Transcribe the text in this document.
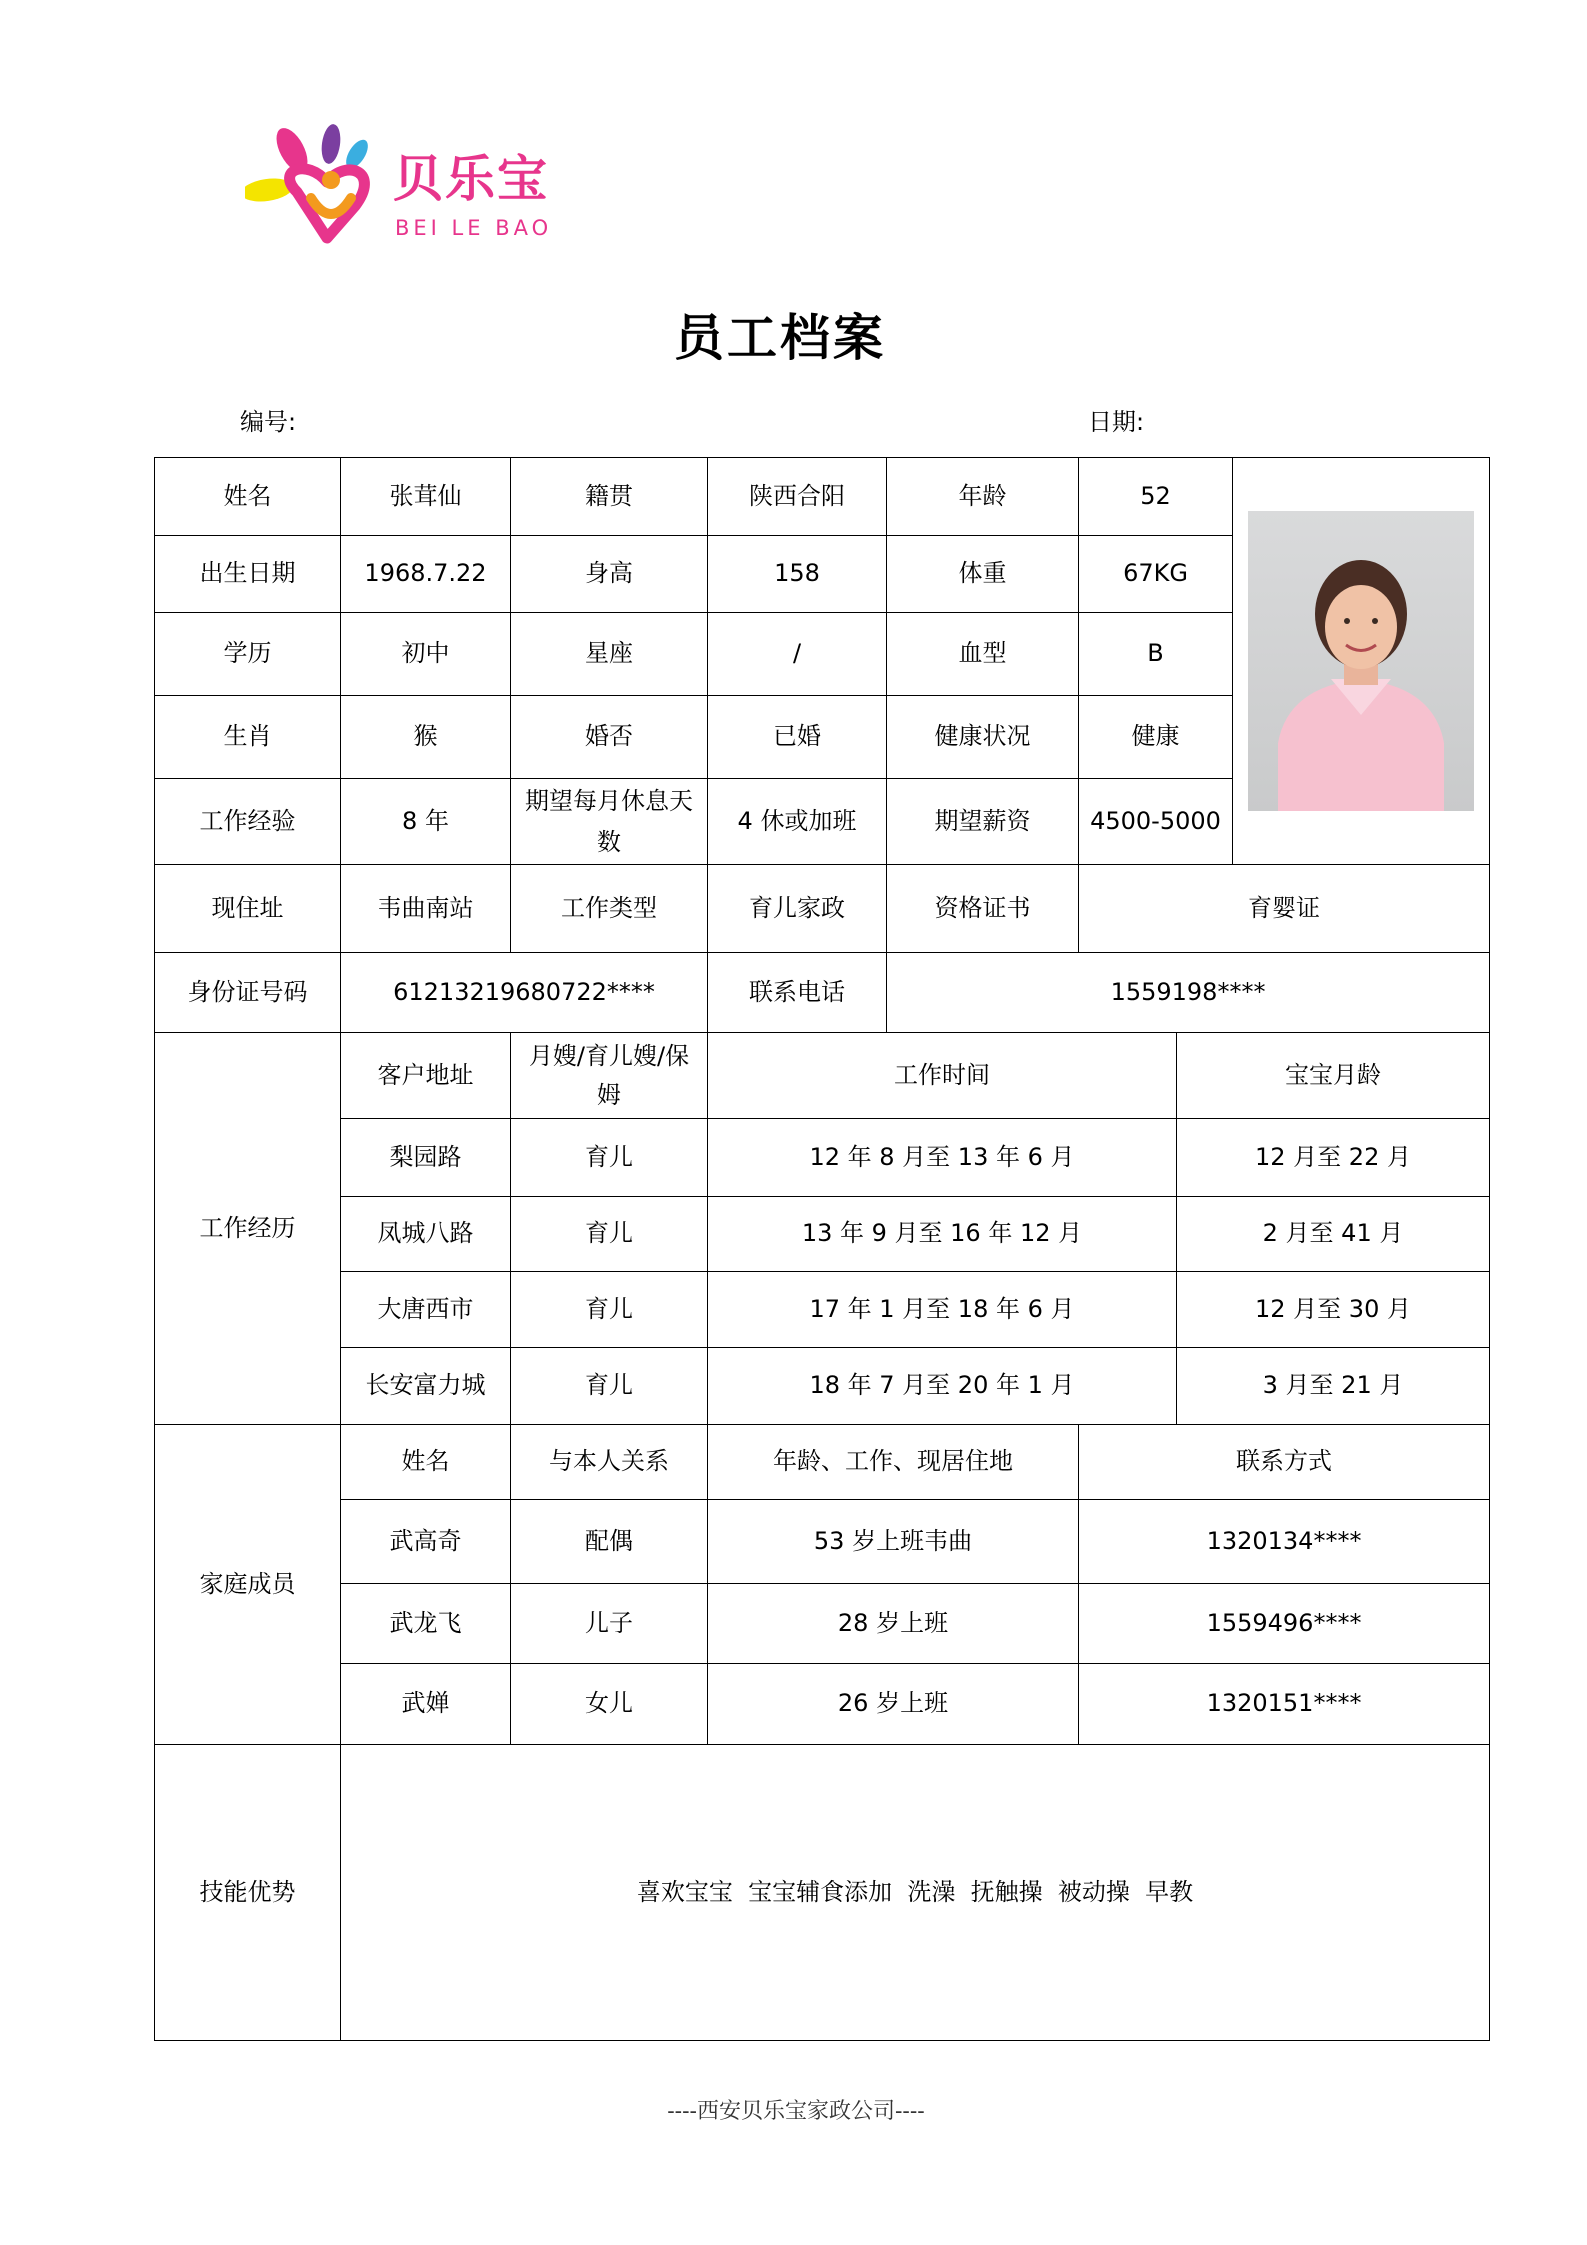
贝乐宝
BEI LE BAO
员工档案
编号:	日期:
姓名	张茸仙	籍贯	陕西合阳	年龄	52	

出生日期	1968.7.22	身高	158	体重	67KG		
学历	初中	星座	/	血型	B		
生肖	猴	婚否	已婚	健康状况	健康		
工作经验	8 年	期望每月休息天数	4 休或加班	期望薪资	4500-5000		
现住址	韦曲南站	工作类型	育儿家政	资格证书	育婴证		
身份证号码	61213219680722****		联系电话	1559198****			
工作经历	客户地址	月嫂/育儿嫂/保姆	工作时间			宝宝月龄	
	梨园路	育儿	12 年 8 月至 13 年 6 月			12 月至 22 月	
	凤城八路	育儿	13 年 9 月至 16 年 12 月			2 月至 41 月	
	大唐西市	育儿	17 年 1 月至 18 年 6 月			12 月至 30 月	
	长安富力城	育儿	18 年 7 月至 20 年 1 月			3 月至 21 月	
家庭成员	姓名	与本人关系	年龄、工作、现居住地		联系方式		
	武高奇	配偶	53 岁上班韦曲		1320134****		
	武龙飞	儿子	28 岁上班		1559496****		
	武婵	女儿	26 岁上班		1320151****		
技能优势	喜欢宝宝  宝宝辅食添加  洗澡  抚触操  被动操  早教						
----西安贝乐宝家政公司----
